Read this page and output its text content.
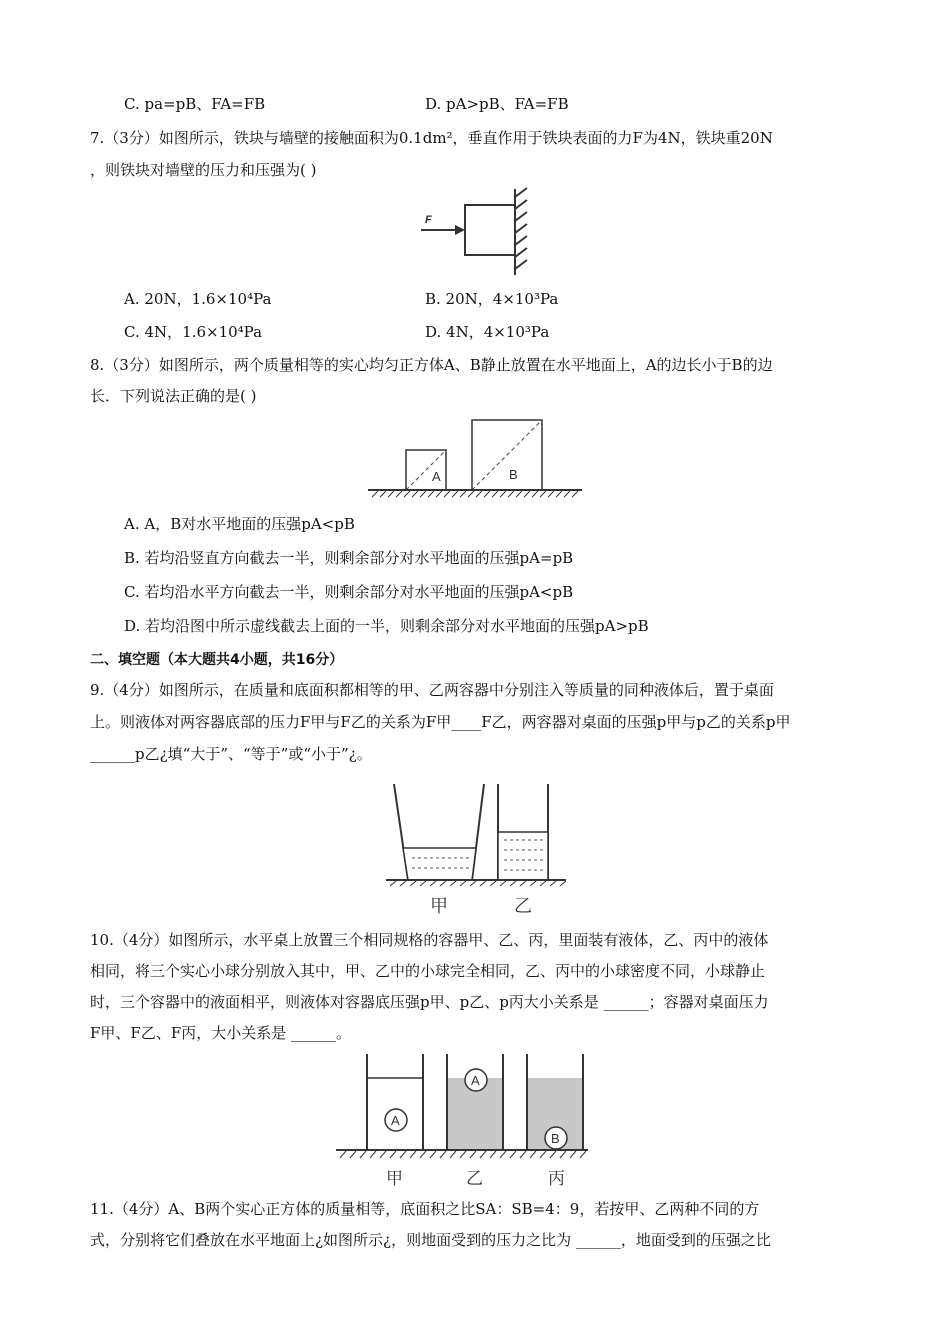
C. pa=pB、FA=FB	D. pA>pB、FA=FB
7.（3分）如图所示，铁块与墙壁的接触面积为0.1dm²，垂直作用于铁块表面的力F为4N，铁块重20N
，则铁块对墙壁的压力和压强为( )
F
A. 20N，1.6×10⁴Pa	B. 20N，4×10³Pa
C. 4N，1.6×10⁴Pa	D. 4N，4×10³Pa
8.（3分）如图所示，两个质量相等的实心均匀正方体A、B静止放置在水平地面上，A的边长小于B的边
长．下列说法正确的是( )
A	B
A. A，B对水平地面的压强pA<pB
B. 若均沿竖直方向截去一半，则剩余部分对水平地面的压强pA=pB
C. 若均沿水平方向截去一半，则剩余部分对水平地面的压强pA<pB
D. 若均沿图中所示虚线截去上面的一半，则剩余部分对水平地面的压强pA>pB
二、填空题（本大题共4小题，共16分）
9.（4分）如图所示，在质量和底面积都相等的甲、乙两容器中分别注入等质量的同种液体后，置于桌面
上。则液体对两容器底部的压力F甲与F乙的关系为F甲____F乙，两容器对桌面的压强p甲与p乙的关系p甲
______p乙¿填“大于”、“等于”或“小于”¿。
甲	乙
10.（4分）如图所示，水平桌上放置三个相同规格的容器甲、乙、丙，里面装有液体，乙、丙中的液体
相同，将三个实心小球分别放入其中，甲、乙中的小球完全相同，乙、丙中的小球密度不同，小球静止
时，三个容器中的液面相平，则液体对容器底压强p甲、p乙、p丙大小关系是 ______；容器对桌面压力
F甲、F乙、F丙，大小关系是 ______。
A
A
B
甲	乙	丙
11.（4分）A、B两个实心正方体的质量相等，底面积之比SA：SB=4：9，若按甲、乙两种不同的方
式，分别将它们叠放在水平地面上¿如图所示¿，则地面受到的压力之比为 ______，地面受到的压强之比
